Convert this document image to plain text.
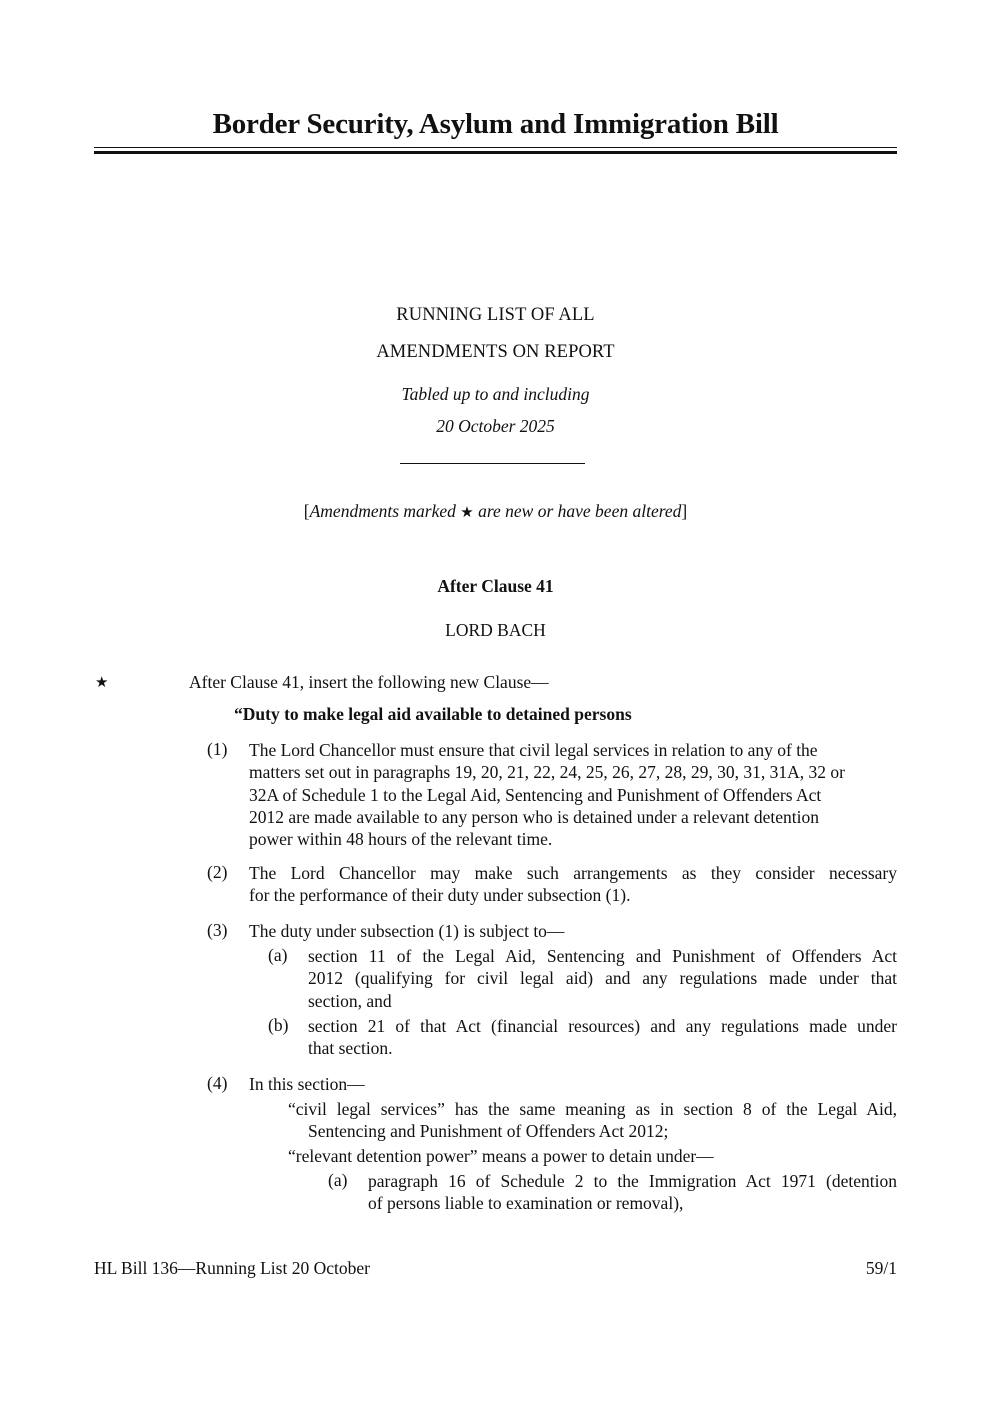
Border Security, Asylum and Immigration Bill
RUNNING LIST OF ALL
AMENDMENTS ON REPORT
Tabled up to and including
20 October 2025
[Amendments marked ★ are new or have been altered]
After Clause 41
LORD BACH
★	After Clause 41, insert the following new Clause—
“Duty to make legal aid available to detained persons
(1) The Lord Chancellor must ensure that civil legal services in relation to any of the
matters set out in paragraphs 19, 20, 21, 22, 24, 25, 26, 27, 28, 29, 30, 31, 31A, 32 or
32A of Schedule 1 to the Legal Aid, Sentencing and Punishment of Offenders Act
2012 are made available to any person who is detained under a relevant detention
power within 48 hours of the relevant time.
(2) The Lord Chancellor may make such arrangements as they consider necessary
for the performance of their duty under subsection (1).
(3) The duty under subsection (1) is subject to—
(a) section 11 of the Legal Aid, Sentencing and Punishment of Offenders Act
2012 (qualifying for civil legal aid) and any regulations made under that
section, and
(b) section 21 of that Act (financial resources) and any regulations made under
that section.
(4) In this section—
“civil legal services” has the same meaning as in section 8 of the Legal Aid,
Sentencing and Punishment of Offenders Act 2012;
“relevant detention power” means a power to detain under—
(a) paragraph 16 of Schedule 2 to the Immigration Act 1971 (detention
of persons liable to examination or removal),
HL Bill 136—Running List 20 October	59/1
